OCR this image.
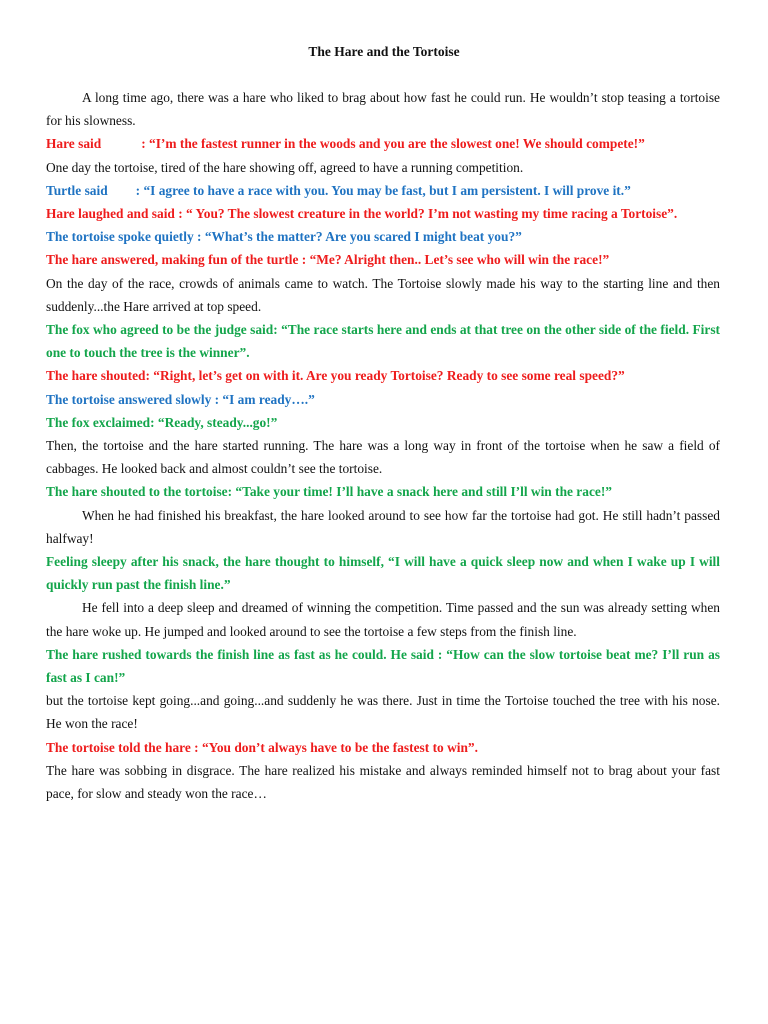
The Hare and the Tortoise

A long time ago, there was a hare who liked to brag about how fast he could run. He wouldn’t stop teasing a tortoise for his slowness.

Hare said	: “I’m the fastest runner in the woods and you are the slowest one! We should compete!”

One day the tortoise, tired of the hare showing off, agreed to have a running competition.

Turtle said : “I agree to have a race with you. You may be fast, but I am persistent. I will prove it.”

Hare laughed and said : “ You? The slowest creature in the world? I’m not wasting my time racing a Tortoise”.

The tortoise spoke quietly : “What’s the matter? Are you scared I might beat you?”

The hare answered, making fun of the turtle : “Me? Alright then.. Let’s see who will win the race!”

On the day of the race, crowds of animals came to watch. The Tortoise slowly made his way to the starting line and then suddenly...the Hare arrived at top speed.

The fox who agreed to be the judge said: “The race starts here and ends at that tree on the other side of the field. First one to touch the tree is the winner”.

The hare shouted: “Right, let’s get on with it. Are you ready Tortoise? Ready to see some real speed?”

The tortoise answered slowly : “I am ready….”

The fox exclaimed: “Ready, steady...go!”

Then, the tortoise and the hare started running. The hare was a long way in front of the tortoise when he saw a field of cabbages. He looked back and almost couldn’t see the tortoise.

The hare shouted to the tortoise: “Take your time! I’ll have a snack here and still I’ll win the race!”

When he had finished his breakfast, the hare looked around to see how far the tortoise had got. He still hadn’t passed halfway!

Feeling sleepy after his snack, the hare thought to himself, “I will have a quick sleep now and when I wake up I will quickly run past the finish line.”

He fell into a deep sleep and dreamed of winning the competition. Time passed and the sun was already setting when the hare woke up. He jumped and looked around to see the tortoise a few steps from the finish line.

The hare rushed towards the finish line as fast as he could. He said : “How can the slow tortoise beat me? I’ll run as fast as I can!”

but the tortoise kept going...and going...and suddenly he was there. Just in time the Tortoise touched the tree with his nose. He won the race!

The tortoise told the hare : “You don’t always have to be the fastest to win”.

The hare was sobbing in disgrace. The hare realized his mistake and always reminded himself not to brag about your fast pace, for slow and steady won the race…
